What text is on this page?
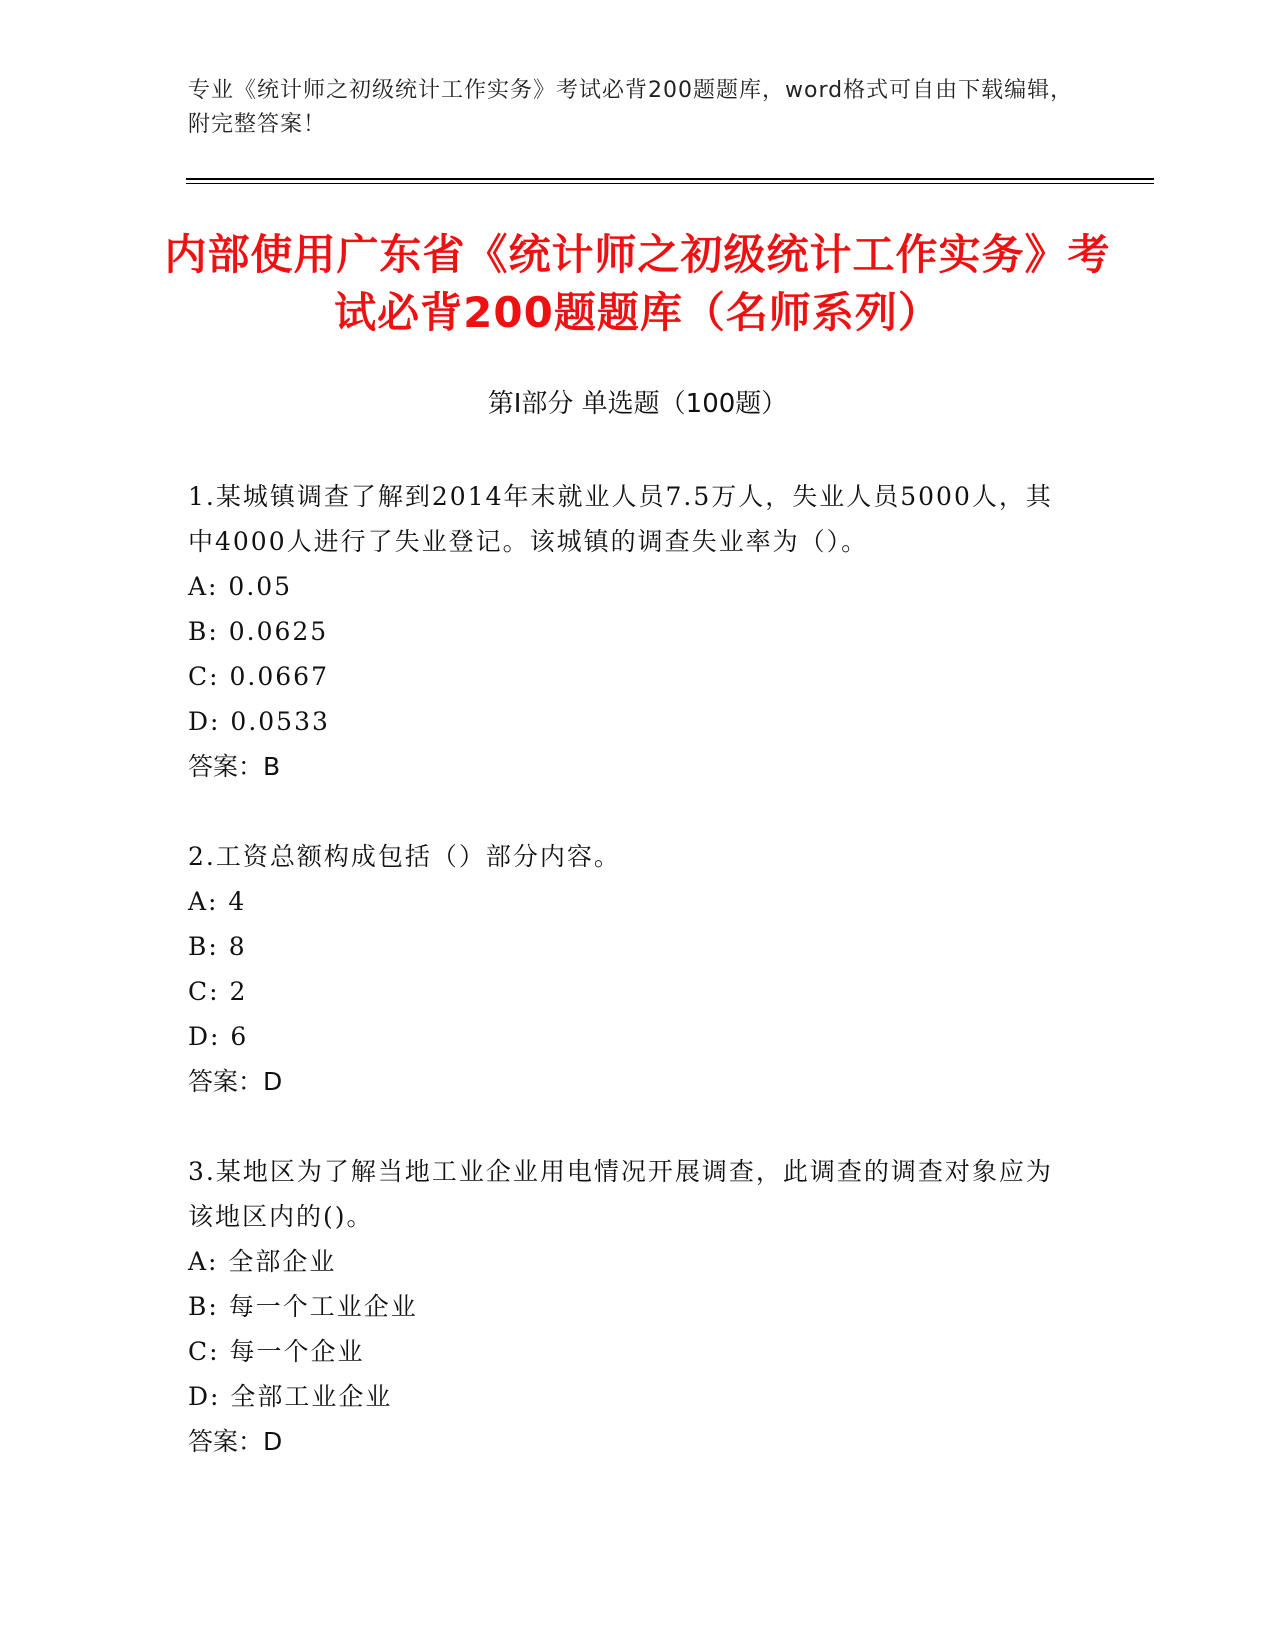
专业《统计师之初级统计工作实务》考试必背200题题库，word格式可自由下载编辑，附完整答案！
内部使用广东省《统计师之初级统计工作实务》考试必背200题题库（名师系列）
第I部分 单选题（100题）

1.某城镇调查了解到2014年末就业人员7.5万人，失业人员5000人，其中4000人进行了失业登记。该城镇的调查失业率为（）。

A: 0.05

B: 0.0625

C: 0.0667

D: 0.0533

答案：B

2.工资总额构成包括（）部分内容。

A: 4

B: 8

C: 2

D: 6

答案：D

3.某地区为了解当地工业企业用电情况开展调查，此调查的调查对象应为该地区内的()。

A: 全部企业

B: 每一个工业企业

C: 每一个企业

D: 全部工业企业

答案：D
